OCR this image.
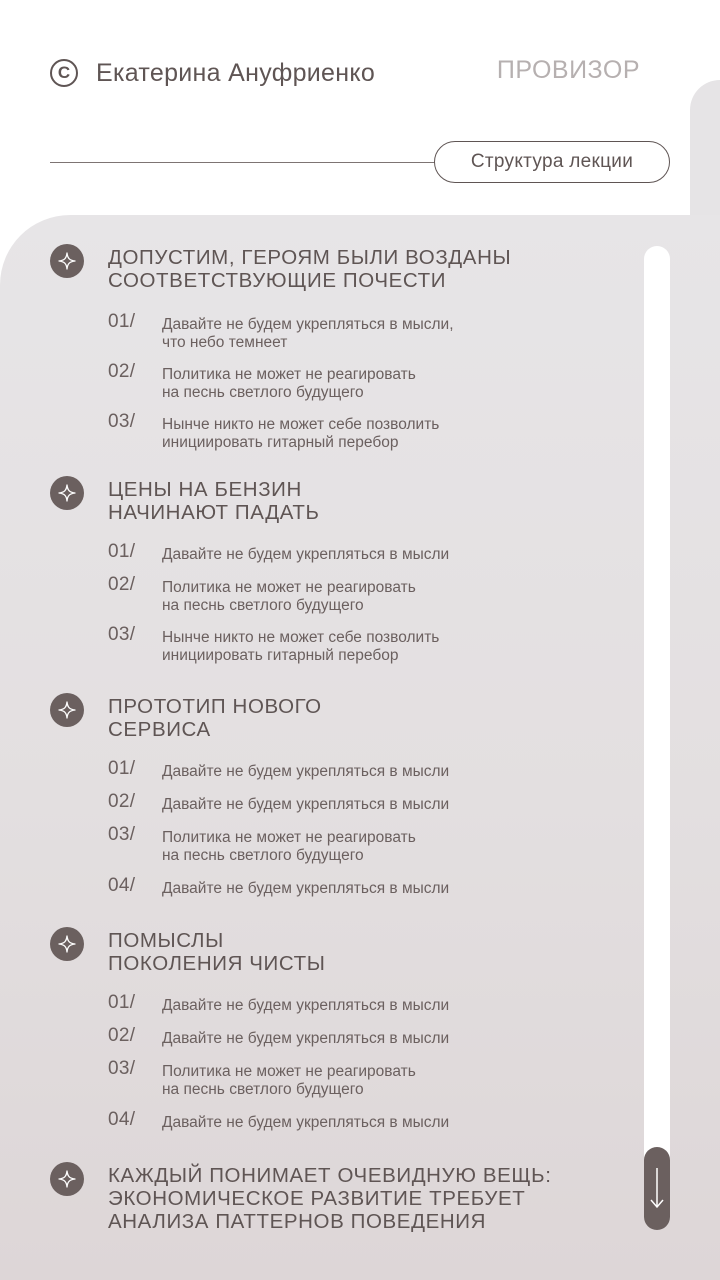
C	Екатерина Ануфриенко	ПРОВИЗОР
Структура лекции
ДОПУСТИМ, ГЕРОЯМ БЫЛИ ВОЗДАНЫ
СООТВЕТСТВУЮЩИЕ ПОЧЕСТИ
01/ Давайте не будем укрепляться в мысли,
что небо темнеет
02/ Политика не может не реагировать
на песнь светлого будущего
03/ Нынче никто не может себе позволить
инициировать гитарный перебор
ЦЕНЫ НА БЕНЗИН
НАЧИНАЮТ ПАДАТЬ
01/ Давайте не будем укрепляться в мысли
02/ Политика не может не реагировать
на песнь светлого будущего
03/ Нынче никто не может себе позволить
инициировать гитарный перебор
ПРОТОТИП НОВОГО
СЕРВИСА
01/ Давайте не будем укрепляться в мысли
02/ Давайте не будем укрепляться в мысли
03/ Политика не может не реагировать
на песнь светлого будущего
04/ Давайте не будем укрепляться в мысли
ПОМЫСЛЫ
ПОКОЛЕНИЯ ЧИСТЫ
01/ Давайте не будем укрепляться в мысли
02/ Давайте не будем укрепляться в мысли
03/ Политика не может не реагировать
на песнь светлого будущего
04/ Давайте не будем укрепляться в мысли
КАЖДЫЙ ПОНИМАЕТ ОЧЕВИДНУЮ ВЕЩЬ:
ЭКОНОМИЧЕСКОЕ РАЗВИТИЕ ТРЕБУЕТ
АНАЛИЗА ПАТТЕРНОВ ПОВЕДЕНИЯ
